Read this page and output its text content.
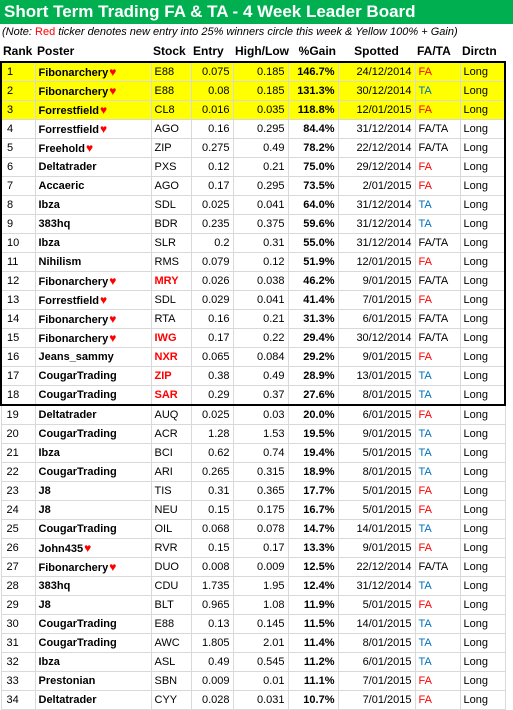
Short Term Trading FA & TA - 4 Week Leader Board
(Note: Red ticker denotes new entry into 25% winners circle this week & Yellow 100% + Gain)
Rank	Poster	Stock	Entry	High/Low	%Gain	Spotted	FA/TA	Dirctn
1	Fibonarchery♥	E88	0.075	0.185	146.7%	24/12/2014	FA	Long
2	Fibonarchery♥	E88	0.08	0.185	131.3%	30/12/2014	TA	Long
3	Forrestfield♥	CL8	0.016	0.035	118.8%	12/01/2015	FA	Long
4	Forrestfield♥	AGO	0.16	0.295	84.4%	31/12/2014	FA/TA	Long
5	Freehold♥	ZIP	0.275	0.49	78.2%	22/12/2014	FA/TA	Long
6	Deltatrader	PXS	0.12	0.21	75.0%	29/12/2014	FA	Long
7	Accaeric	AGO	0.17	0.295	73.5%	2/01/2015	FA	Long
8	Ibza	SDL	0.025	0.041	64.0%	31/12/2014	TA	Long
9	383hq	BDR	0.235	0.375	59.6%	31/12/2014	TA	Long
10	Ibza	SLR	0.2	0.31	55.0%	31/12/2014	FA/TA	Long
11	Nihilism	RMS	0.079	0.12	51.9%	12/01/2015	FA	Long
12	Fibonarchery♥	MRY	0.026	0.038	46.2%	9/01/2015	FA/TA	Long
13	Forrestfield♥	SDL	0.029	0.041	41.4%	7/01/2015	FA	Long
14	Fibonarchery♥	RTA	0.16	0.21	31.3%	6/01/2015	FA/TA	Long
15	Fibonarchery♥	IWG	0.17	0.22	29.4%	30/12/2014	FA/TA	Long
16	Jeans_sammy	NXR	0.065	0.084	29.2%	9/01/2015	FA	Long
17	CougarTrading	ZIP	0.38	0.49	28.9%	13/01/2015	TA	Long
18	CougarTrading	SAR	0.29	0.37	27.6%	8/01/2015	TA	Long
19	Deltatrader	AUQ	0.025	0.03	20.0%	6/01/2015	FA	Long
20	CougarTrading	ACR	1.28	1.53	19.5%	9/01/2015	TA	Long
21	Ibza	BCI	0.62	0.74	19.4%	5/01/2015	TA	Long
22	CougarTrading	ARI	0.265	0.315	18.9%	8/01/2015	TA	Long
23	J8	TIS	0.31	0.365	17.7%	5/01/2015	FA	Long
24	J8	NEU	0.15	0.175	16.7%	5/01/2015	FA	Long
25	CougarTrading	OIL	0.068	0.078	14.7%	14/01/2015	TA	Long
26	John435♥	RVR	0.15	0.17	13.3%	9/01/2015	FA	Long
27	Fibonarchery♥	DUO	0.008	0.009	12.5%	22/12/2014	FA/TA	Long
28	383hq	CDU	1.735	1.95	12.4%	31/12/2014	TA	Long
29	J8	BLT	0.965	1.08	11.9%	5/01/2015	FA	Long
30	CougarTrading	E88	0.13	0.145	11.5%	14/01/2015	TA	Long
31	CougarTrading	AWC	1.805	2.01	11.4%	8/01/2015	TA	Long
32	Ibza	ASL	0.49	0.545	11.2%	6/01/2015	TA	Long
33	Prestonian	SBN	0.009	0.01	11.1%	7/01/2015	FA	Long
34	Deltatrader	CYY	0.028	0.031	10.7%	7/01/2015	FA	Long
